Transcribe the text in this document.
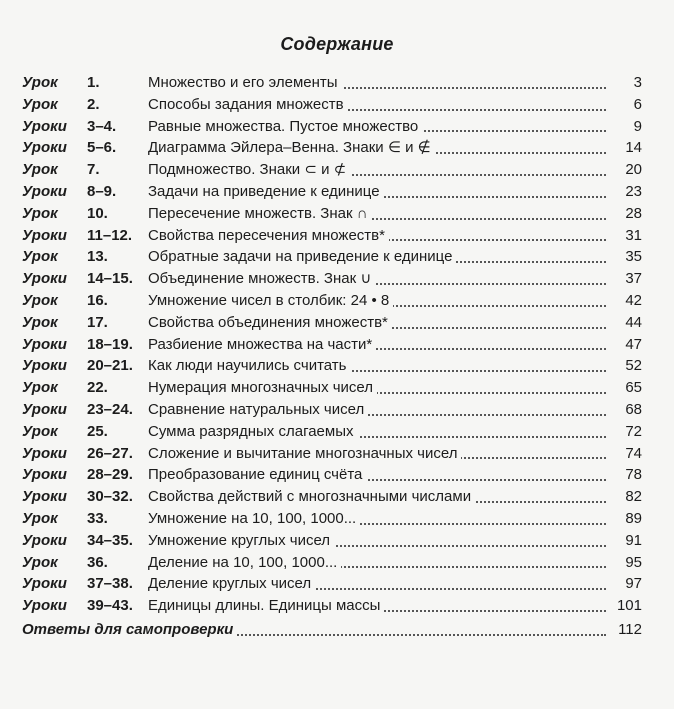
Содержание
Урок 1.	Множество и его элементы	3
Урок 2.	Способы задания множеств	6
Уроки 3–4. Равные множества. Пустое множество	9
Уроки 5–6. Диаграмма Эйлера–Венна. Знаки ∈ и ∉	14
Урок 7.	Подмножество. Знаки ⊂ и ⊄	20
Уроки 8–9. Задачи на приведение к единице	23
Урок 10.	Пересечение множеств. Знак ∩	28
Уроки 11–12. Свойства пересечения множеств*	31
Урок 13.	Обратные задачи на приведение к единице	35
Уроки 14–15. Объединение множеств. Знак ∪	37
Урок 16.	Умножение чисел в столбик: 24 • 8	42
Урок 17.	Свойства объединения множеств*	44
Уроки 18–19. Разбиение множества на части*	47
Уроки 20–21. Как люди научились считать	52
Урок 22.	Нумерация многозначных чисел	65
Уроки 23–24. Сравнение натуральных чисел	68
Урок 25.	Сумма разрядных слагаемых	72
Уроки 26–27. Сложение и вычитание многозначных чисел	74
Уроки 28–29. Преобразование единиц счёта	78
Уроки 30–32. Свойства действий с многозначными числами	82
Урок 33.	Умножение на 10, 100, 1000...	89
Уроки 34–35. Умножение круглых чисел	91
Урок 36.	Деление на 10, 100, 1000...	95
Уроки 37–38. Деление круглых чисел	97
Уроки 39–43. Единицы длины. Единицы массы	101
Ответы для самопроверки	112
